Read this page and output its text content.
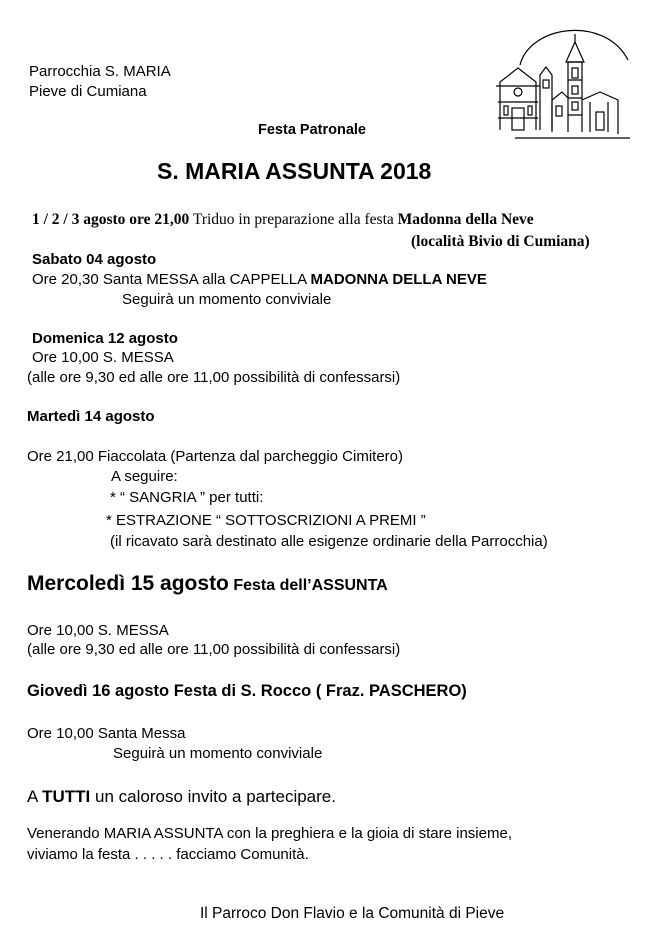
Parrocchia S. MARIA
Pieve di Cumiana
Festa Patronale
S. MARIA ASSUNTA 2018
1 / 2 / 3 agosto ore 21,00 Triduo in preparazione alla festa Madonna della Neve
(località Bivio di Cumiana)
Sabato 04 agosto
Ore 20,30 Santa MESSA alla CAPPELLA MADONNA DELLA NEVE
Seguirà un momento conviviale
Domenica 12 agosto
Ore 10,00 S. MESSA
(alle ore 9,30 ed alle ore 11,00 possibilità di confessarsi)
Martedì 14 agosto
Ore 21,00 Fiaccolata (Partenza dal parcheggio Cimitero)
A seguire:
* “ SANGRIA ” per tutti:
* ESTRAZIONE “ SOTTOSCRIZIONI A PREMI ”
(il ricavato sarà destinato alle esigenze ordinarie della Parrocchia)
Mercoledì 15 agosto Festa dell’ASSUNTA
Ore 10,00 S. MESSA
(alle ore 9,30 ed alle ore 11,00 possibilità di confessarsi)
Giovedì 16 agosto Festa di S. Rocco ( Fraz. PASCHERO)
Ore 10,00 Santa Messa
Seguirà un momento conviviale
A TUTTI un caloroso invito a partecipare.
Venerando MARIA ASSUNTA con la preghiera e la gioia di stare insieme,
viviamo la festa . . . . . facciamo Comunità.
Il Parroco Don Flavio e la Comunità di Pieve
